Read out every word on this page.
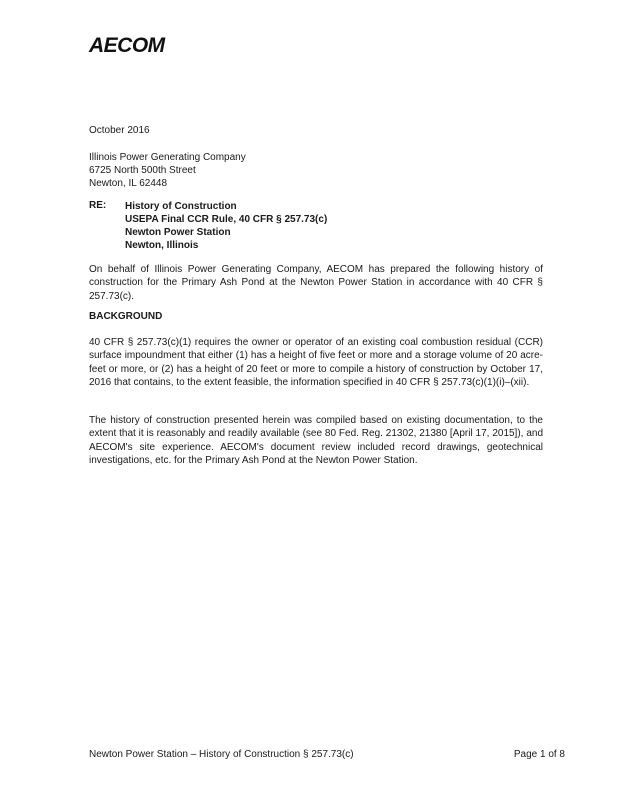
AECOM
October 2016
Illinois Power Generating Company
6725 North 500th Street
Newton, IL 62448
RE: History of Construction
USEPA Final CCR Rule, 40 CFR § 257.73(c)
Newton Power Station
Newton, Illinois
On behalf of Illinois Power Generating Company, AECOM has prepared the following history of construction for the Primary Ash Pond at the Newton Power Station in accordance with 40 CFR § 257.73(c).
BACKGROUND
40 CFR § 257.73(c)(1) requires the owner or operator of an existing coal combustion residual (CCR) surface impoundment that either (1) has a height of five feet or more and a storage volume of 20 acre-feet or more, or (2) has a height of 20 feet or more to compile a history of construction by October 17, 2016 that contains, to the extent feasible, the information specified in 40 CFR § 257.73(c)(1)(i)–(xii).
The history of construction presented herein was compiled based on existing documentation, to the extent that it is reasonably and readily available (see 80 Fed. Reg. 21302, 21380 [April 17, 2015]), and AECOM's site experience. AECOM's document review included record drawings, geotechnical investigations, etc. for the Primary Ash Pond at the Newton Power Station.
Newton Power Station – History of Construction § 257.73(c)	Page 1 of 8
